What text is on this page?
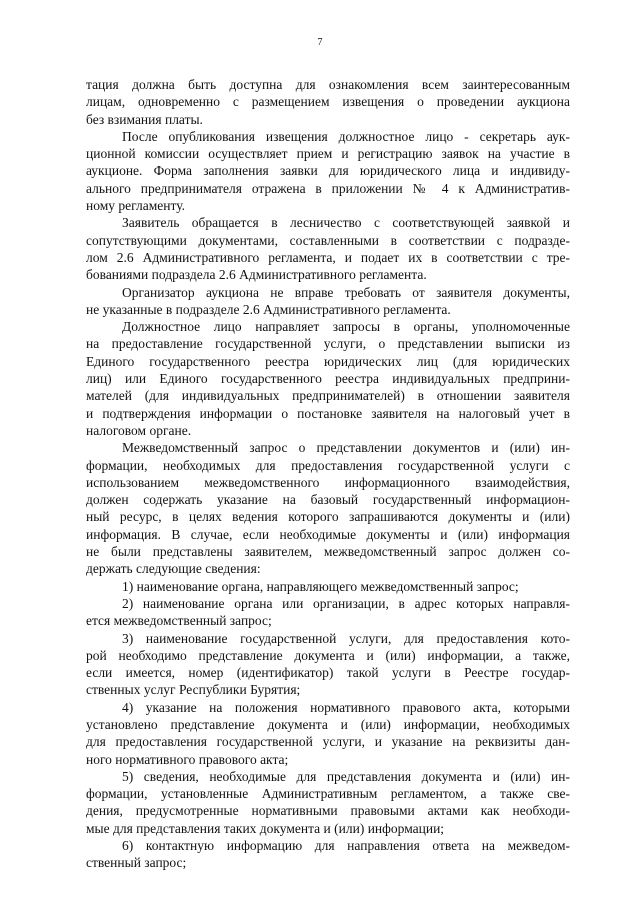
7
тация должна быть доступна для ознакомления всем заинтересованным
лицам, одновременно с размещением извещения о проведении аукциона
без взимания платы.
После опубликования извещения должностное лицо - секретарь аук-
ционной комиссии осуществляет прием и регистрацию заявок на участие в
аукционе. Форма заполнения заявки для юридического лица и индивиду-
ального предпринимателя отражена в приложении № 4 к Административ-
ному регламенту.
Заявитель обращается в лесничество с соответствующей заявкой и
сопутствующими документами, составленными в соответствии с подразде-
лом 2.6 Административного регламента, и подает их в соответствии с тре-
бованиями подраздела 2.6 Административного регламента.
Организатор аукциона не вправе требовать от заявителя документы,
не указанные в подразделе 2.6 Административного регламента.
Должностное лицо направляет запросы в органы, уполномоченные
на предоставление государственной услуги, о представлении выписки из
Единого государственного реестра юридических лиц (для юридических
лиц) или Единого государственного реестра индивидуальных предприни-
мателей (для индивидуальных предпринимателей) в отношении заявителя
и подтверждения информации о постановке заявителя на налоговый учет в
налоговом органе.
Межведомственный запрос о представлении документов и (или) ин-
формации, необходимых для предоставления государственной услуги с
использованием межведомственного информационного взаимодействия,
должен содержать указание на базовый государственный информацион-
ный ресурс, в целях ведения которого запрашиваются документы и (или)
информация. В случае, если необходимые документы и (или) информация
не были представлены заявителем, межведомственный запрос должен со-
держать следующие сведения:
1) наименование органа, направляющего межведомственный запрос;
2) наименование органа или организации, в адрес которых направля-
ется межведомственный запрос;
3) наименование государственной услуги, для предоставления кото-
рой необходимо представление документа и (или) информации, а также,
если имеется, номер (идентификатор) такой услуги в Реестре государ-
ственных услуг Республики Бурятия;
4) указание на положения нормативного правового акта, которыми
установлено представление документа и (или) информации, необходимых
для предоставления государственной услуги, и указание на реквизиты дан-
ного нормативного правового акта;
5) сведения, необходимые для представления документа и (или) ин-
формации, установленные Административным регламентом, а также све-
дения, предусмотренные нормативными правовыми актами как необходи-
мые для представления таких документа и (или) информации;
6) контактную информацию для направления ответа на межведом-
ственный запрос;
